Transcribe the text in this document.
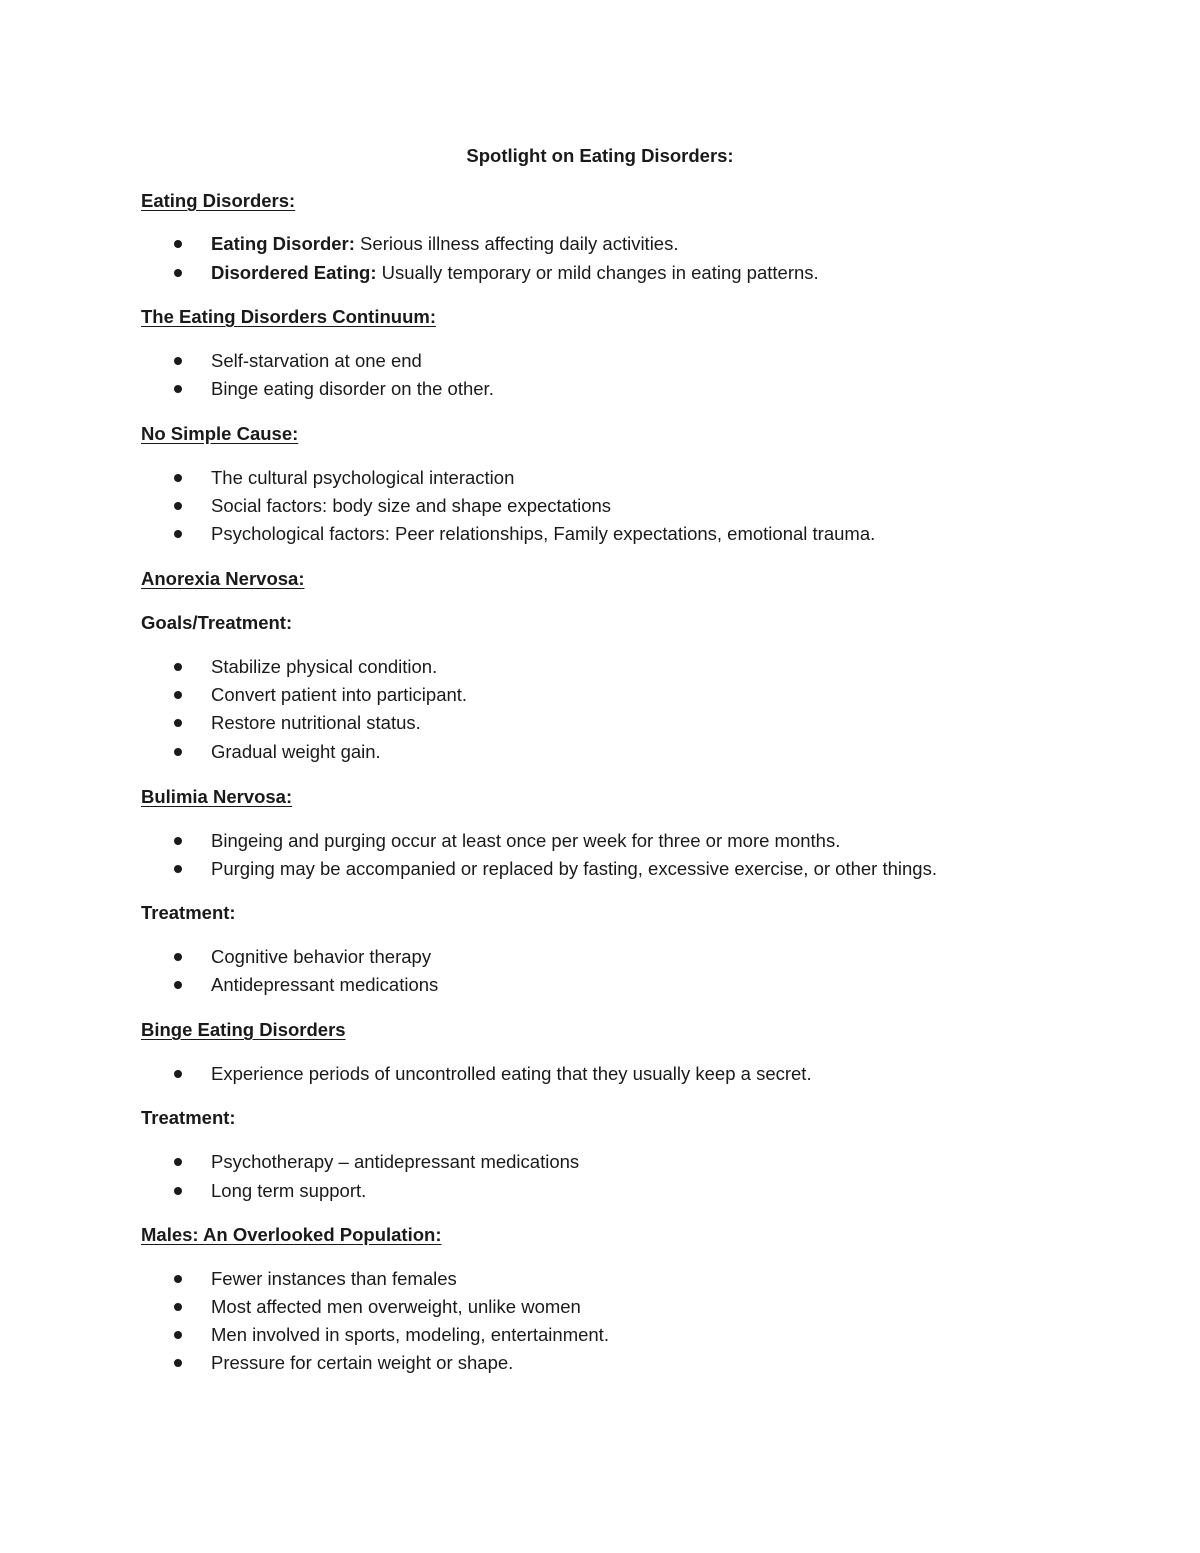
Spotlight on Eating Disorders:

Eating Disorders:

Eating Disorder: Serious illness affecting daily activities.

Disordered Eating: Usually temporary or mild changes in eating patterns.

The Eating Disorders Continuum:

Self-starvation at one end

Binge eating disorder on the other.

No Simple Cause:

The cultural psychological interaction

Social factors: body size and shape expectations

Psychological factors: Peer relationships, Family expectations, emotional trauma.

Anorexia Nervosa:

Goals/Treatment:

Stabilize physical condition.

Convert patient into participant.

Restore nutritional status.

Gradual weight gain.

Bulimia Nervosa:

Bingeing and purging occur at least once per week for three or more months.

Purging may be accompanied or replaced by fasting, excessive exercise, or other things.

Treatment:

Cognitive behavior therapy

Antidepressant medications

Binge Eating Disorders

Experience periods of uncontrolled eating that they usually keep a secret.

Treatment:

Psychotherapy – antidepressant medications

Long term support.

Males: An Overlooked Population:

Fewer instances than females

Most affected men overweight, unlike women

Men involved in sports, modeling, entertainment.

Pressure for certain weight or shape.
